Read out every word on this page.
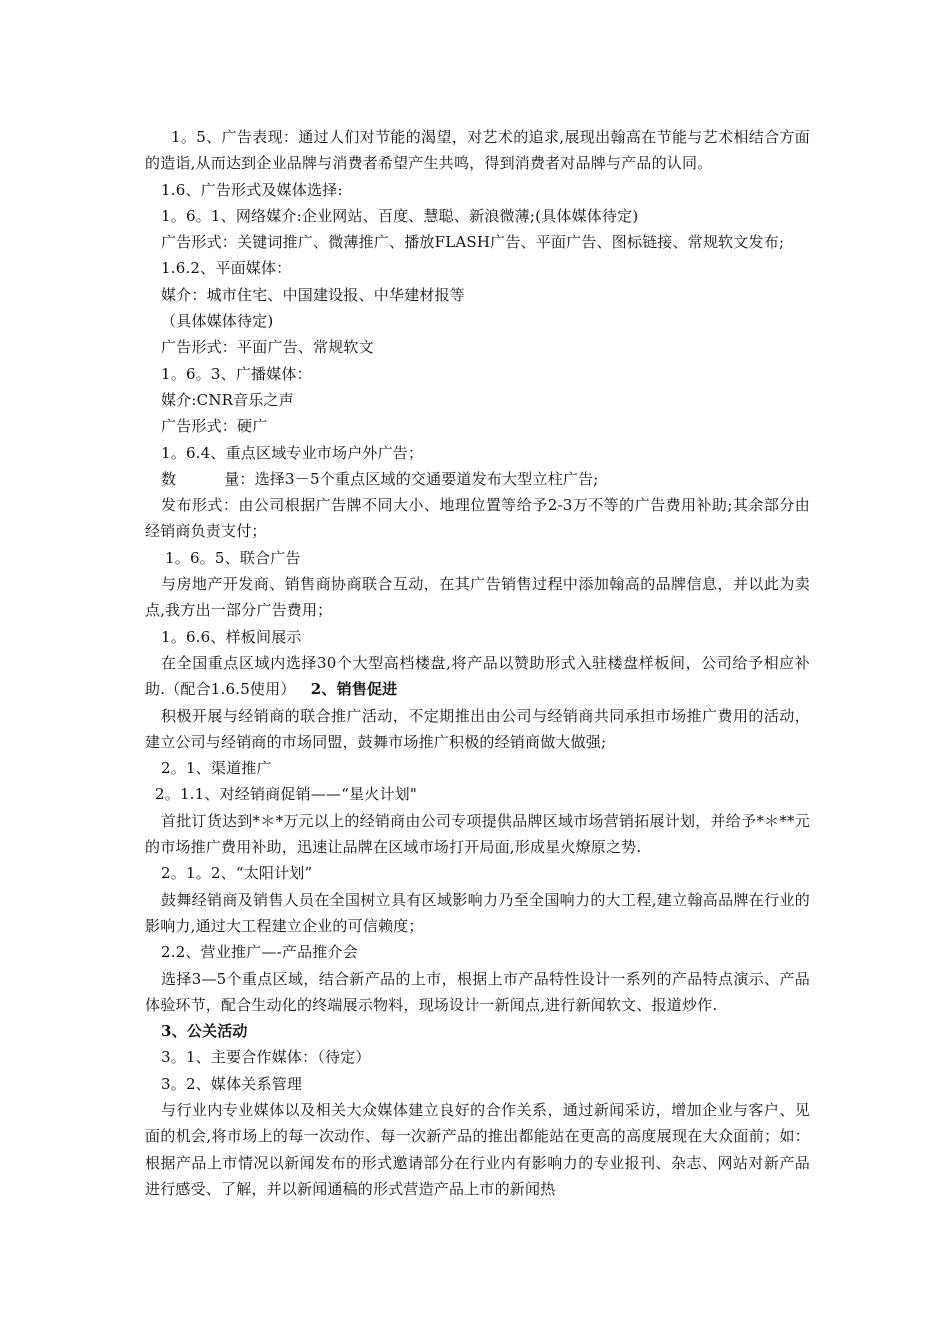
1。5、广告表现：通过人们对节能的渴望，对艺术的追求,展现出翰高在节能与艺术相结合方面的造诣,从而达到企业品牌与消费者希望产生共鸣，得到消费者对品牌与产品的认同。

1.6、广告形式及媒体选择:

1。6。1、网络媒介:企业网站、百度、慧聪、新浪微薄;(具体媒体待定)

广告形式：关键词推广、微薄推广、播放FLASH广告、平面广告、图标链接、常规软文发布;

1.6.2、平面媒体：

媒介：城市住宅、中国建设报、中华建材报等

（具体媒体待定)

广告形式：平面广告、常规软文

1。6。3、广播媒体：

媒介:CNR音乐之声

广告形式：硬广

1。6.4、重点区域专业市场户外广告；

数	量：选择3－5个重点区域的交通要道发布大型立柱广告;

发布形式：由公司根据广告牌不同大小、地理位置等给予2-3万不等的广告费用补助;其余部分由经销商负责支付；

1。6。5、联合广告

与房地产开发商、销售商协商联合互动，在其广告销售过程中添加翰高的品牌信息，并以此为卖点,我方出一部分广告费用；

1。6.6、样板间展示

在全国重点区域内选择30个大型高档楼盘,将产品以赞助形式入驻楼盘样板间，公司给予相应补助.（配合1.6.5使用）  2、销售促进

积极开展与经销商的联合推广活动，不定期推出由公司与经销商共同承担市场推广费用的活动，建立公司与经销商的市场同盟，鼓舞市场推广积极的经销商做大做强;

2。1、渠道推广

2。1.1、对经销商促销——“星火计划"

首批订货达到*＊*万元以上的经销商由公司专项提供品牌区域市场营销拓展计划，并给予*＊**元的市场推广费用补助，迅速让品牌在区域市场打开局面,形成星火燎原之势.

2。1。2、“太阳计划”

鼓舞经销商及销售人员在全国树立具有区域影响力乃至全国响力的大工程,建立翰高品牌在行业的影响力,通过大工程建立企业的可信赖度；

2.2、营业推广—-产品推介会

选择3—5个重点区域，结合新产品的上市，根据上市产品特性设计一系列的产品特点演示、产品体验环节，配合生动化的终端展示物料，现场设计一新闻点,进行新闻软文、报道炒作.

3、公关活动

3。1、主要合作媒体：（待定）

3。2、媒体关系管理

与行业内专业媒体以及相关大众媒体建立良好的合作关系，通过新闻采访，增加企业与客户、见面的机会,将市场上的每一次动作、每一次新产品的推出都能站在更高的高度展现在大众面前；如：根据产品上市情况以新闻发布的形式邀请部分在行业内有影响力的专业报刊、杂志、网站对新产品进行感受、了解，并以新闻通稿的形式营造产品上市的新闻热
